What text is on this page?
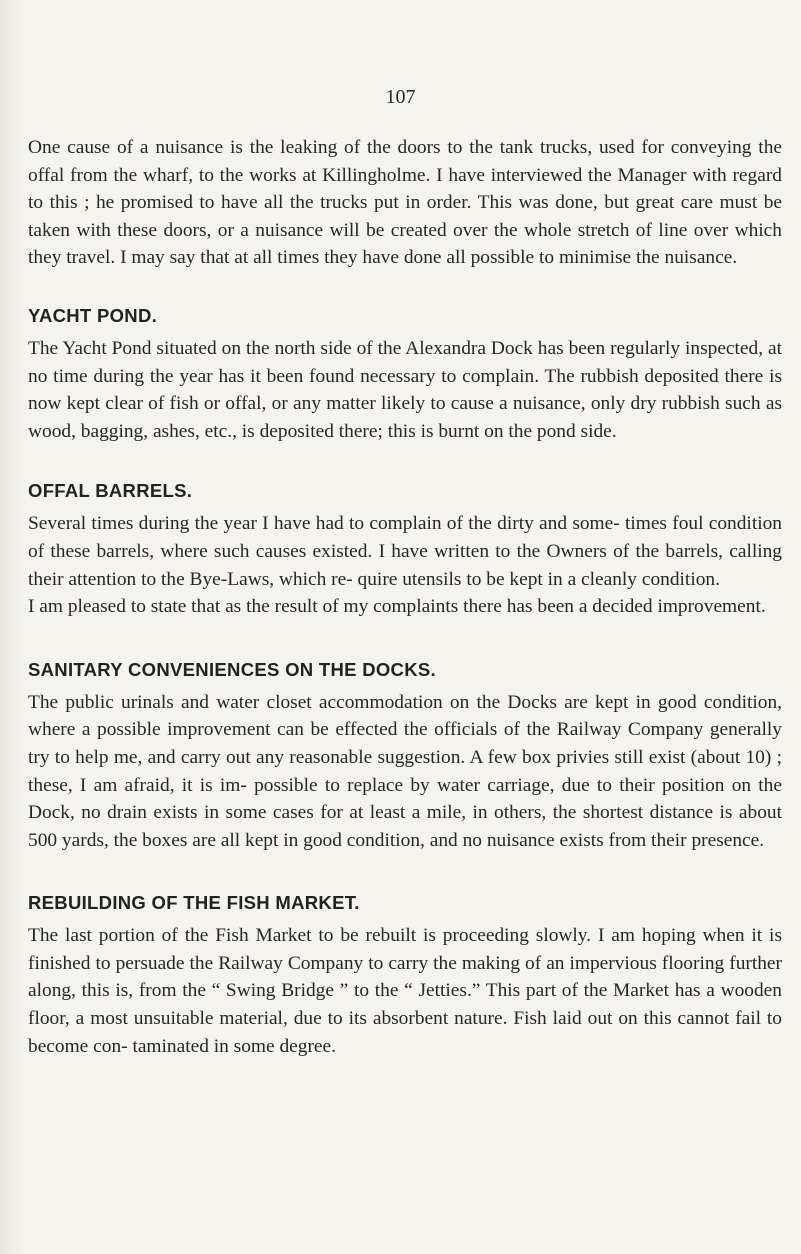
107

One cause of a nuisance is the leaking of the doors to the tank trucks, used for conveying the offal from the wharf, to the works at Killingholme. I have interviewed the Manager with regard to this ; he promised to have all the trucks put in order. This was done, but great care must be taken with these doors, or a nuisance will be created over the whole stretch of line over which they travel. I may say that at all times they have done all possible to minimise the nuisance.

YACHT POND.

The Yacht Pond situated on the north side of the Alexandra Dock has been regularly inspected, at no time during the year has it been found necessary to complain. The rubbish deposited there is now kept clear of fish or offal, or any matter likely to cause a nuisance, only dry rubbish such as wood, bagging, ashes, etc., is deposited there; this is burnt on the pond side.

OFFAL BARRELS.

Several times during the year I have had to complain of the dirty and some- times foul condition of these barrels, where such causes existed. I have written to the Owners of the barrels, calling their attention to the Bye-Laws, which re- quire utensils to be kept in a cleanly condition.

I am pleased to state that as the result of my complaints there has been a decided improvement.

SANITARY CONVENIENCES ON THE DOCKS.

The public urinals and water closet accommodation on the Docks are kept in good condition, where a possible improvement can be effected the officials of the Railway Company generally try to help me, and carry out any reasonable suggestion. A few box privies still exist (about 10) ; these, I am afraid, it is im- possible to replace by water carriage, due to their position on the Dock, no drain exists in some cases for at least a mile, in others, the shortest distance is about 500 yards, the boxes are all kept in good condition, and no nuisance exists from their presence.

REBUILDING OF THE FISH MARKET.

The last portion of the Fish Market to be rebuilt is proceeding slowly. I am hoping when it is finished to persuade the Railway Company to carry the making of an impervious flooring further along, this is, from the “ Swing Bridge ” to the “ Jetties.” This part of the Market has a wooden floor, a most unsuitable material, due to its absorbent nature. Fish laid out on this cannot fail to become con- taminated in some degree.
